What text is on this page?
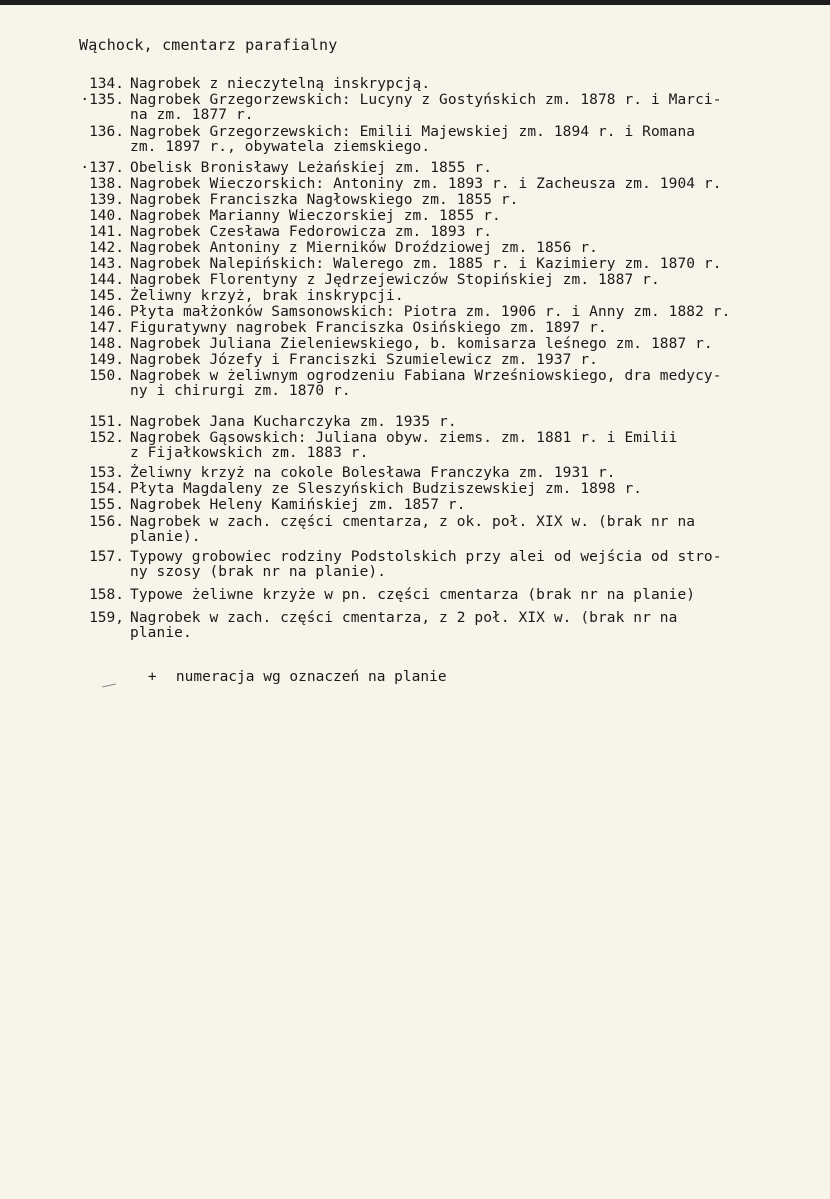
Wąchock, cmentarz parafialny
134. Nagrobek z nieczytelną inskrypcją.
·135. Nagrobek Grzegorzewskich: Lucyny z Gostyńskich zm. 1878 r. i Marci-
na zm. 1877 r.
136. Nagrobek Grzegorzewskich: Emilii Majewskiej zm. 1894 r. i Romana
zm. 1897 r., obywatela ziemskiego.
·137. Obelisk Bronisławy Leżańskiej zm. 1855 r.
138. Nagrobek Wieczorskich: Antoniny zm. 1893 r. i Zacheusza zm. 1904 r.
139. Nagrobek Franciszka Nagłowskiego zm. 1855 r.
140. Nagrobek Marianny Wieczorskiej zm. 1855 r.
141. Nagrobek Czesława Fedorowicza zm. 1893 r.
142. Nagrobek Antoniny z Mierników Droździowej zm. 1856 r.
143. Nagrobek Nalepińskich: Walerego zm. 1885 r. i Kazimiery zm. 1870 r.
144. Nagrobek Florentyny z Jędrzejewiczów Stopińskiej zm. 1887 r.
145. Żeliwny krzyż, brak inskrypcji.
146. Płyta małżonków Samsonowskich: Piotra zm. 1906 r. i Anny zm. 1882 r.
147. Figuratywny nagrobek Franciszka Osińskiego zm. 1897 r.
148. Nagrobek Juliana Zieleniewskiego, b. komisarza leśnego zm. 1887 r.
149. Nagrobek Józefy i Franciszki Szumielewicz zm. 1937 r.
150. Nagrobek w żeliwnym ogrodzeniu Fabiana Wrześniowskiego, dra medycy-
ny i chirurgi zm. 1870 r.
151. Nagrobek Jana Kucharczyka zm. 1935 r.
152. Nagrobek Gąsowskich: Juliana obyw. ziems. zm. 1881 r. i Emilii
z Fijałkowskich zm. 1883 r.
153. Żeliwny krzyż na cokole Bolesława Franczyka zm. 1931 r.
154. Płyta Magdaleny ze Sleszyńskich Budziszewskiej zm. 1898 r.
155. Nagrobek Heleny Kamińskiej zm. 1857 r.
156. Nagrobek w zach. części cmentarza, z ok. poł. XIX w. (brak nr na
planie).
157. Typowy grobowiec rodziny Podstolskich przy alei od wejścia od stro-
ny szosy (brak nr na planie).
158. Typowe żeliwne krzyże w pn. części cmentarza (brak nr na planie)
159, Nagrobek w zach. części cmentarza, z 2 poł. XIX w. (brak nr na
planie.

+ numeracja wg oznaczeń na planie
